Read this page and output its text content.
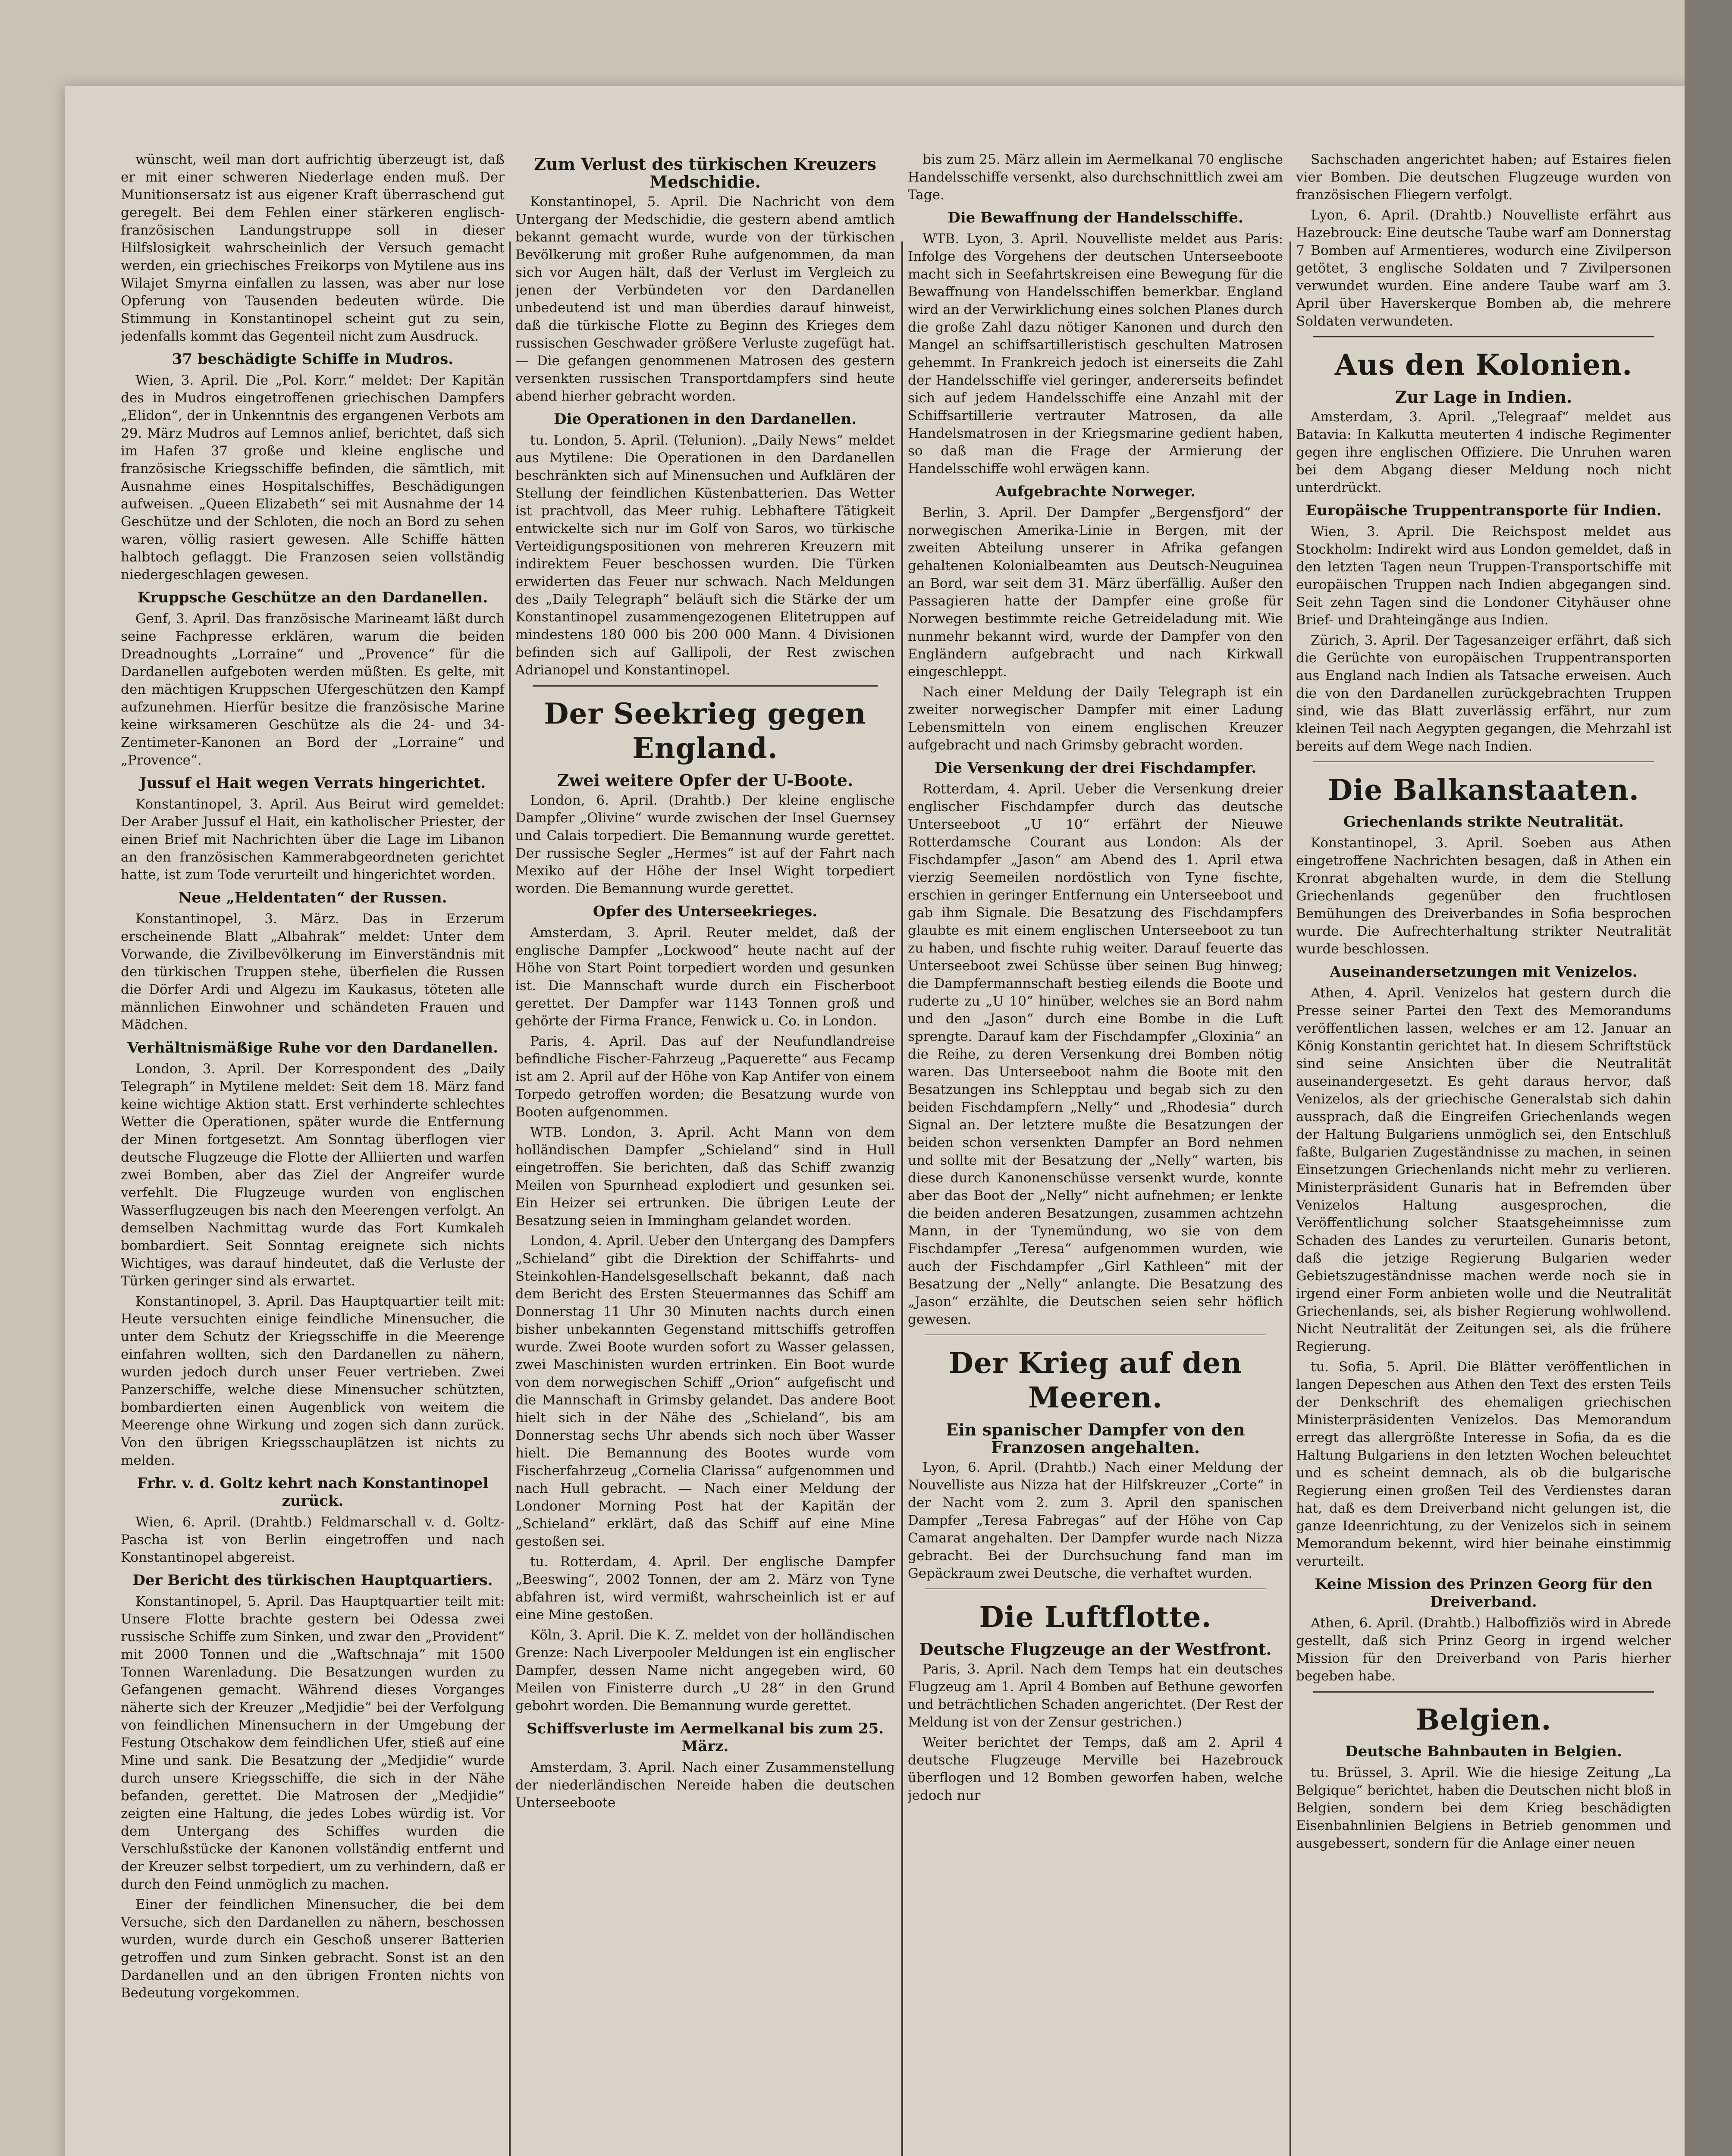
wünscht, weil man dort aufrichtig überzeugt ist, daß er mit einer schweren Niederlage enden muß. Der Munitionsersatz ist aus eigener Kraft überraschend gut geregelt. Bei dem Fehlen einer stärkeren englisch-französischen Landungstruppe soll in dieser Hilfslosigkeit wahrscheinlich der Versuch gemacht werden, ein griechisches Freikorps von Mytilene aus ins Wilajet Smyrna einfallen zu lassen, was aber nur lose Opferung von Tausenden bedeuten würde. Die Stimmung in Konstantinopel scheint gut zu sein, jedenfalls kommt das Gegenteil nicht zum Ausdruck.

37 beschädigte Schiffe in Mudros.

Wien, 3. April. Die „Pol. Korr.“ meldet: Der Kapitän des in Mudros eingetroffenen griechischen Dampfers „Elidon“, der in Unkenntnis des ergangenen Verbots am 29. März Mudros auf Lemnos anlief, berichtet, daß sich im Hafen 37 große und kleine englische und französische Kriegsschiffe befinden, die sämtlich, mit Ausnahme eines Hospitalschiffes, Beschädigungen aufweisen. „Queen Elizabeth“ sei mit Ausnahme der 14 Geschütze und der Schloten, die noch an Bord zu sehen waren, völlig rasiert gewesen. Alle Schiffe hätten halbtoch geflaggt. Die Franzosen seien vollständig niedergeschlagen gewesen.

Kruppsche Geschütze an den Dardanellen.

Genf, 3. April. Das französische Marineamt läßt durch seine Fachpresse erklären, warum die beiden Dreadnoughts „Lorraine“ und „Provence“ für die Dardanellen aufgeboten werden müßten. Es gelte, mit den mächtigen Kruppschen Ufergeschützen den Kampf aufzunehmen. Hierfür besitze die französische Marine keine wirksameren Geschütze als die 24- und 34-Zentimeter-Kanonen an Bord der „Lorraine“ und „Provence“.

Jussuf el Hait wegen Verrats hingerichtet.

Konstantinopel, 3. April. Aus Beirut wird gemeldet: Der Araber Jussuf el Hait, ein katholischer Priester, der einen Brief mit Nachrichten über die Lage im Libanon an den französischen Kammerabgeordneten gerichtet hatte, ist zum Tode verurteilt und hingerichtet worden.

Neue „Heldentaten“ der Russen.

Konstantinopel, 3. März. Das in Erzerum erscheinende Blatt „Albahrak“ meldet: Unter dem Vorwande, die Zivilbevölkerung im Einverständnis mit den türkischen Truppen stehe, überfielen die Russen die Dörfer Ardi und Algezu im Kaukasus, töteten alle männlichen Einwohner und schändeten Frauen und Mädchen.

Verhältnismäßige Ruhe vor den Dardanellen.

London, 3. April. Der Korrespondent des „Daily Telegraph“ in Mytilene meldet: Seit dem 18. März fand keine wichtige Aktion statt. Erst verhinderte schlechtes Wetter die Operationen, später wurde die Entfernung der Minen fortgesetzt. Am Sonntag überflogen vier deutsche Flugzeuge die Flotte der Alliierten und warfen zwei Bomben, aber das Ziel der Angreifer wurde verfehlt. Die Flugzeuge wurden von englischen Wasserflugzeugen bis nach den Meerengen verfolgt. An demselben Nachmittag wurde das Fort Kumkaleh bombardiert. Seit Sonntag ereignete sich nichts Wichtiges, was darauf hindeutet, daß die Verluste der Türken geringer sind als erwartet.

Konstantinopel, 3. April. Das Hauptquartier teilt mit: Heute versuchten einige feindliche Minensucher, die unter dem Schutz der Kriegsschiffe in die Meerenge einfahren wollten, sich den Dardanellen zu nähern, wurden jedoch durch unser Feuer vertrieben. Zwei Panzerschiffe, welche diese Minensucher schützten, bombardierten einen Augenblick von weitem die Meerenge ohne Wirkung und zogen sich dann zurück. Von den übrigen Kriegsschauplätzen ist nichts zu melden.

Frhr. v. d. Goltz kehrt nach Konstantinopel zurück.

Wien, 6. April. (Drahtb.) Feldmarschall v. d. Goltz-Pascha ist von Berlin eingetroffen und nach Konstantinopel abgereist.

Der Bericht des türkischen Hauptquartiers.

Konstantinopel, 5. April. Das Hauptquartier teilt mit: Unsere Flotte brachte gestern bei Odessa zwei russische Schiffe zum Sinken, und zwar den „Provident“ mit 2000 Tonnen und die „Waftschnaja“ mit 1500 Tonnen Warenladung. Die Besatzungen wurden zu Gefangenen gemacht. Während dieses Vorganges näherte sich der Kreuzer „Medjidie“ bei der Verfolgung von feindlichen Minensuchern in der Umgebung der Festung Otschakow dem feindlichen Ufer, stieß auf eine Mine und sank. Die Besatzung der „Medjidie“ wurde durch unsere Kriegsschiffe, die sich in der Nähe befanden, gerettet. Die Matrosen der „Medjidie“ zeigten eine Haltung, die jedes Lobes würdig ist. Vor dem Untergang des Schiffes wurden die Verschlußstücke der Kanonen vollständig entfernt und der Kreuzer selbst torpediert, um zu verhindern, daß er durch den Feind unmöglich zu machen.

Einer der feindlichen Minensucher, die bei dem Versuche, sich den Dardanellen zu nähern, beschossen wurden, wurde durch ein Geschoß unserer Batterien getroffen und zum Sinken gebracht. Sonst ist an den Dardanellen und an den übrigen Fronten nichts von Bedeutung vorgekommen.

Zum Verlust des türkischen Kreuzers Medschidie.

Konstantinopel, 5. April. Die Nachricht von dem Untergang der Medschidie, die gestern abend amtlich bekannt gemacht wurde, wurde von der türkischen Bevölkerung mit großer Ruhe aufgenommen, da man sich vor Augen hält, daß der Verlust im Vergleich zu jenen der Verbündeten vor den Dardanellen unbedeutend ist und man überdies darauf hinweist, daß die türkische Flotte zu Beginn des Krieges dem russischen Geschwader größere Verluste zugefügt hat. — Die gefangen genommenen Matrosen des gestern versenkten russischen Transportdampfers sind heute abend hierher gebracht worden.

Die Operationen in den Dardanellen.

tu. London, 5. April. (Telunion). „Daily News“ meldet aus Mytilene: Die Operationen in den Dardanellen beschränkten sich auf Minensuchen und Aufklären der Stellung der feindlichen Küstenbatterien. Das Wetter ist prachtvoll, das Meer ruhig. Lebhaftere Tätigkeit entwickelte sich nur im Golf von Saros, wo türkische Verteidigungspositionen von mehreren Kreuzern mit indirektem Feuer beschossen wurden. Die Türken erwiderten das Feuer nur schwach. Nach Meldungen des „Daily Telegraph“ beläuft sich die Stärke der um Konstantinopel zusammengezogenen Elitetruppen auf mindestens 180 000 bis 200 000 Mann. 4 Divisionen befinden sich auf Gallipoli, der Rest zwischen Adrianopel und Konstantinopel.

Der Seekrieg gegen England.
Zwei weitere Opfer der U-Boote.

London, 6. April. (Drahtb.) Der kleine englische Dampfer „Olivine“ wurde zwischen der Insel Guernsey und Calais torpediert. Die Bemannung wurde gerettet. Der russische Segler „Hermes“ ist auf der Fahrt nach Mexiko auf der Höhe der Insel Wight torpediert worden. Die Bemannung wurde gerettet.

Opfer des Unterseekrieges.

Amsterdam, 3. April. Reuter meldet, daß der englische Dampfer „Lockwood“ heute nacht auf der Höhe von Start Point torpediert worden und gesunken ist. Die Mannschaft wurde durch ein Fischerboot gerettet. Der Dampfer war 1143 Tonnen groß und gehörte der Firma France, Fenwick u. Co. in London.

Paris, 4. April. Das auf der Neufundlandreise befindliche Fischer-Fahrzeug „Paquerette“ aus Fecamp ist am 2. April auf der Höhe von Kap Antifer von einem Torpedo getroffen worden; die Besatzung wurde von Booten aufgenommen.

WTB. London, 3. April. Acht Mann von dem holländischen Dampfer „Schieland“ sind in Hull eingetroffen. Sie berichten, daß das Schiff zwanzig Meilen von Spurnhead explodiert und gesunken sei. Ein Heizer sei ertrunken. Die übrigen Leute der Besatzung seien in Immingham gelandet worden.

London, 4. April. Ueber den Untergang des Dampfers „Schieland“ gibt die Direktion der Schiffahrts- und Steinkohlen-Handelsgesellschaft bekannt, daß nach dem Bericht des Ersten Steuermannes das Schiff am Donnerstag 11 Uhr 30 Minuten nachts durch einen bisher unbekannten Gegenstand mittschiffs getroffen wurde. Zwei Boote wurden sofort zu Wasser gelassen, zwei Maschinisten wurden ertrinken. Ein Boot wurde von dem norwegischen Schiff „Orion“ aufgefischt und die Mannschaft in Grimsby gelandet. Das andere Boot hielt sich in der Nähe des „Schieland“, bis am Donnerstag sechs Uhr abends sich noch über Wasser hielt. Die Bemannung des Bootes wurde vom Fischerfahrzeug „Cornelia Clarissa“ aufgenommen und nach Hull gebracht. — Nach einer Meldung der Londoner Morning Post hat der Kapitän der „Schieland“ erklärt, daß das Schiff auf eine Mine gestoßen sei.

tu. Rotterdam, 4. April. Der englische Dampfer „Beeswing“, 2002 Tonnen, der am 2. März von Tyne abfahren ist, wird vermißt, wahrscheinlich ist er auf eine Mine gestoßen.

Köln, 3. April. Die K. Z. meldet von der holländischen Grenze: Nach Liverpooler Meldungen ist ein englischer Dampfer, dessen Name nicht angegeben wird, 60 Meilen von Finisterre durch „U 28“ in den Grund gebohrt worden. Die Bemannung wurde gerettet.

Schiffsverluste im Aermelkanal bis zum 25. März.

Amsterdam, 3. April. Nach einer Zusammenstellung der niederländischen Nereide haben die deutschen Unterseeboote

bis zum 25. März allein im Aermelkanal 70 englische Handelsschiffe versenkt, also durchschnittlich zwei am Tage.

Die Bewaffnung der Handelsschiffe.

WTB. Lyon, 3. April. Nouvelliste meldet aus Paris: Infolge des Vorgehens der deutschen Unterseeboote macht sich in Seefahrtskreisen eine Bewegung für die Bewaffnung von Handelsschiffen bemerkbar. England wird an der Verwirklichung eines solchen Planes durch die große Zahl dazu nötiger Kanonen und durch den Mangel an schiffsartilleristisch geschulten Matrosen gehemmt. In Frankreich jedoch ist einerseits die Zahl der Handelsschiffe viel geringer, andererseits befindet sich auf jedem Handelsschiffe eine Anzahl mit der Schiffsartillerie vertrauter Matrosen, da alle Handelsmatrosen in der Kriegsmarine gedient haben, so daß man die Frage der Armierung der Handelsschiffe wohl erwägen kann.

Aufgebrachte Norweger.

Berlin, 3. April. Der Dampfer „Bergensfjord“ der norwegischen Amerika-Linie in Bergen, mit der zweiten Abteilung unserer in Afrika gefangen gehaltenen Kolonialbeamten aus Deutsch-Neuguinea an Bord, war seit dem 31. März überfällig. Außer den Passagieren hatte der Dampfer eine große für Norwegen bestimmte reiche Getreideladung mit. Wie nunmehr bekannt wird, wurde der Dampfer von den Engländern aufgebracht und nach Kirkwall eingeschleppt.

Nach einer Meldung der Daily Telegraph ist ein zweiter norwegischer Dampfer mit einer Ladung Lebensmitteln von einem englischen Kreuzer aufgebracht und nach Grimsby gebracht worden.

Die Versenkung der drei Fischdampfer.

Rotterdam, 4. April. Ueber die Versenkung dreier englischer Fischdampfer durch das deutsche Unterseeboot „U 10“ erfährt der Nieuwe Rotterdamsche Courant aus London: Als der Fischdampfer „Jason“ am Abend des 1. April etwa vierzig Seemeilen nordöstlich von Tyne fischte, erschien in geringer Entfernung ein Unterseeboot und gab ihm Signale. Die Besatzung des Fischdampfers glaubte es mit einem englischen Unterseeboot zu tun zu haben, und fischte ruhig weiter. Darauf feuerte das Unterseeboot zwei Schüsse über seinen Bug hinweg; die Dampfermannschaft bestieg eilends die Boote und ruderte zu „U 10“ hinüber, welches sie an Bord nahm und den „Jason“ durch eine Bombe in die Luft sprengte. Darauf kam der Fischdampfer „Gloxinia“ an die Reihe, zu deren Versenkung drei Bomben nötig waren. Das Unterseeboot nahm die Boote mit den Besatzungen ins Schlepptau und begab sich zu den beiden Fischdampfern „Nelly“ und „Rhodesia“ durch Signal an. Der letztere mußte die Besatzungen der beiden schon versenkten Dampfer an Bord nehmen und sollte mit der Besatzung der „Nelly“ warten, bis diese durch Kanonenschüsse versenkt wurde, konnte aber das Boot der „Nelly“ nicht aufnehmen; er lenkte die beiden anderen Besatzungen, zusammen achtzehn Mann, in der Tynemündung, wo sie von dem Fischdampfer „Teresa“ aufgenommen wurden, wie auch der Fischdampfer „Girl Kathleen“ mit der Besatzung der „Nelly“ anlangte. Die Besatzung des „Jason“ erzählte, die Deutschen seien sehr höflich gewesen.

Der Krieg auf den Meeren.
Ein spanischer Dampfer von den Franzosen angehalten.

Lyon, 6. April. (Drahtb.) Nach einer Meldung der Nouvelliste aus Nizza hat der Hilfskreuzer „Corte“ in der Nacht vom 2. zum 3. April den spanischen Dampfer „Teresa Fabregas“ auf der Höhe von Cap Camarat angehalten. Der Dampfer wurde nach Nizza gebracht. Bei der Durchsuchung fand man im Gepäckraum zwei Deutsche, die verhaftet wurden.

Die Luftflotte.
Deutsche Flugzeuge an der Westfront.

Paris, 3. April. Nach dem Temps hat ein deutsches Flugzeug am 1. April 4 Bomben auf Bethune geworfen und beträchtlichen Schaden angerichtet. (Der Rest der Meldung ist von der Zensur gestrichen.)

Weiter berichtet der Temps, daß am 2. April 4 deutsche Flugzeuge Merville bei Hazebrouck überflogen und 12 Bomben geworfen haben, welche jedoch nur

Sachschaden angerichtet haben; auf Estaires fielen vier Bomben. Die deutschen Flugzeuge wurden von französischen Fliegern verfolgt.

Lyon, 6. April. (Drahtb.) Nouvelliste erfährt aus Hazebrouck: Eine deutsche Taube warf am Donnerstag 7 Bomben auf Armentieres, wodurch eine Zivilperson getötet, 3 englische Soldaten und 7 Zivilpersonen verwundet wurden. Eine andere Taube warf am 3. April über Haverskerque Bomben ab, die mehrere Soldaten verwundeten.

Aus den Kolonien.
Zur Lage in Indien.

Amsterdam, 3. April. „Telegraaf“ meldet aus Batavia: In Kalkutta meuterten 4 indische Regimenter gegen ihre englischen Offiziere. Die Unruhen waren bei dem Abgang dieser Meldung noch nicht unterdrückt.

Europäische Truppentransporte für Indien.

Wien, 3. April. Die Reichspost meldet aus Stockholm: Indirekt wird aus London gemeldet, daß in den letzten Tagen neun Truppen-Transportschiffe mit europäischen Truppen nach Indien abgegangen sind. Seit zehn Tagen sind die Londoner Cityhäuser ohne Brief- und Drahteingänge aus Indien.

Zürich, 3. April. Der Tagesanzeiger erfährt, daß sich die Gerüchte von europäischen Truppentransporten aus England nach Indien als Tatsache erweisen. Auch die von den Dardanellen zurückgebrachten Truppen sind, wie das Blatt zuverlässig erfährt, nur zum kleinen Teil nach Aegypten gegangen, die Mehrzahl ist bereits auf dem Wege nach Indien.

Die Balkanstaaten.
Griechenlands strikte Neutralität.

Konstantinopel, 3. April. Soeben aus Athen eingetroffene Nachrichten besagen, daß in Athen ein Kronrat abgehalten wurde, in dem die Stellung Griechenlands gegenüber den fruchtlosen Bemühungen des Dreiverbandes in Sofia besprochen wurde. Die Aufrechterhaltung strikter Neutralität wurde beschlossen.

Auseinandersetzungen mit Venizelos.

Athen, 4. April. Venizelos hat gestern durch die Presse seiner Partei den Text des Memorandums veröffentlichen lassen, welches er am 12. Januar an König Konstantin gerichtet hat. In diesem Schriftstück sind seine Ansichten über die Neutralität auseinandergesetzt. Es geht daraus hervor, daß Venizelos, als der griechische Generalstab sich dahin aussprach, daß die Eingreifen Griechenlands wegen der Haltung Bulgariens unmöglich sei, den Entschluß faßte, Bulgarien Zugeständnisse zu machen, in seinen Einsetzungen Griechenlands nicht mehr zu verlieren. Ministerpräsident Gunaris hat in Befremden über Venizelos Haltung ausgesprochen, die Veröffentlichung solcher Staatsgeheimnisse zum Schaden des Landes zu verurteilen. Gunaris betont, daß die jetzige Regierung Bulgarien weder Gebietszugeständnisse machen werde noch sie in irgend einer Form anbieten wolle und die Neutralität Griechenlands, sei, als bisher Regierung wohlwollend. Nicht Neutralität der Zeitungen sei, als die frühere Regierung.

tu. Sofia, 5. April. Die Blätter veröffentlichen in langen Depeschen aus Athen den Text des ersten Teils der Denkschrift des ehemaligen griechischen Ministerpräsidenten Venizelos. Das Memorandum erregt das allergrößte Interesse in Sofia, da es die Haltung Bulgariens in den letzten Wochen beleuchtet und es scheint demnach, als ob die bulgarische Regierung einen großen Teil des Verdienstes daran hat, daß es dem Dreiverband nicht gelungen ist, die ganze Ideenrichtung, zu der Venizelos sich in seinem Memorandum bekennt, wird hier beinahe einstimmig verurteilt.

Keine Mission des Prinzen Georg für den Dreiverband.

Athen, 6. April. (Drahtb.) Halboffiziös wird in Abrede gestellt, daß sich Prinz Georg in irgend welcher Mission für den Dreiverband von Paris hierher begeben habe.

Belgien.
Deutsche Bahnbauten in Belgien.

tu. Brüssel, 3. April. Wie die hiesige Zeitung „La Belgique“ berichtet, haben die Deutschen nicht bloß in Belgien, sondern bei dem Krieg beschädigten Eisenbahnlinien Belgiens in Betrieb genommen und ausgebessert, sondern für die Anlage einer neuen
